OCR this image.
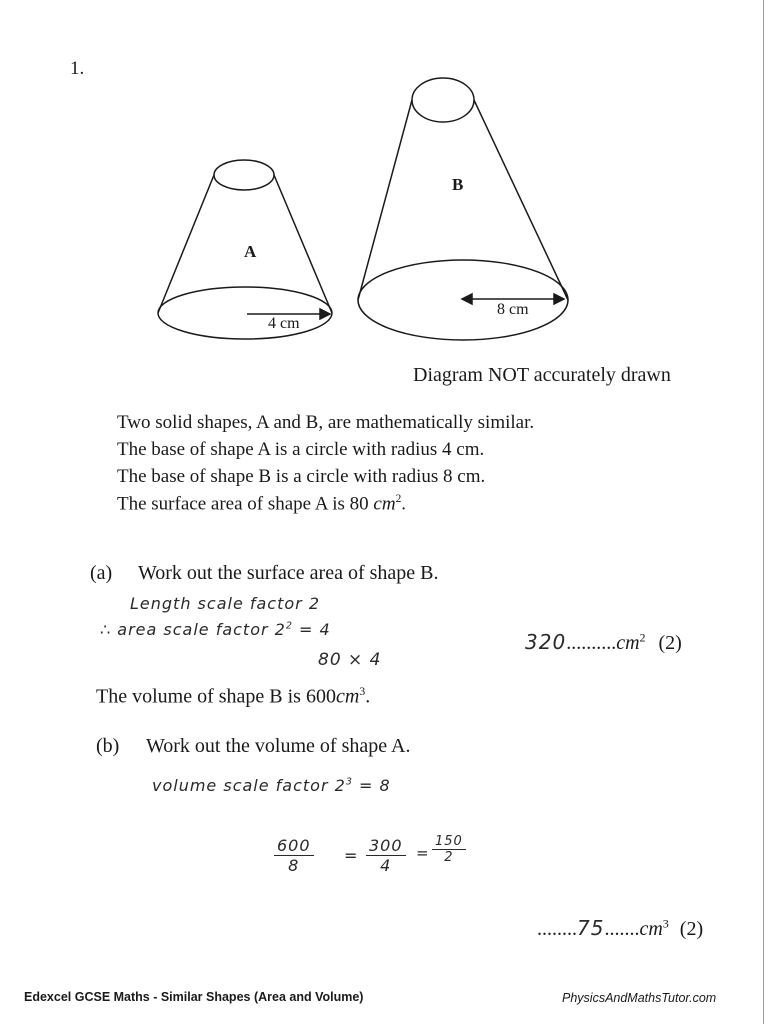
1.
A
B
4 cm
8 cm
Diagram NOT accurately drawn
Two solid shapes, A and B, are mathematically similar.
The base of shape A is a circle with radius 4 cm.
The base of shape B is a circle with radius 8 cm.
The surface area of shape A is 80 $cm^2$.
(a) Work out the surface area of shape B.
Length scale factor 2
∴ area scale factor $2^2 = 4$
80 × 4
$320..........cm^2$ (2)
The volume of shape B is $600cm^3$.
(b) Work out the volume of shape A.
volume scale factor $2^3 = 8$
$\frac{600}{8} = \frac{300}{4} = \frac{150}{2}$
$........75.......cm^3$ (2)
Edexcel GCSE Maths - Similar Shapes (Area and Volume)	PhysicsAndMathsTutor.com
